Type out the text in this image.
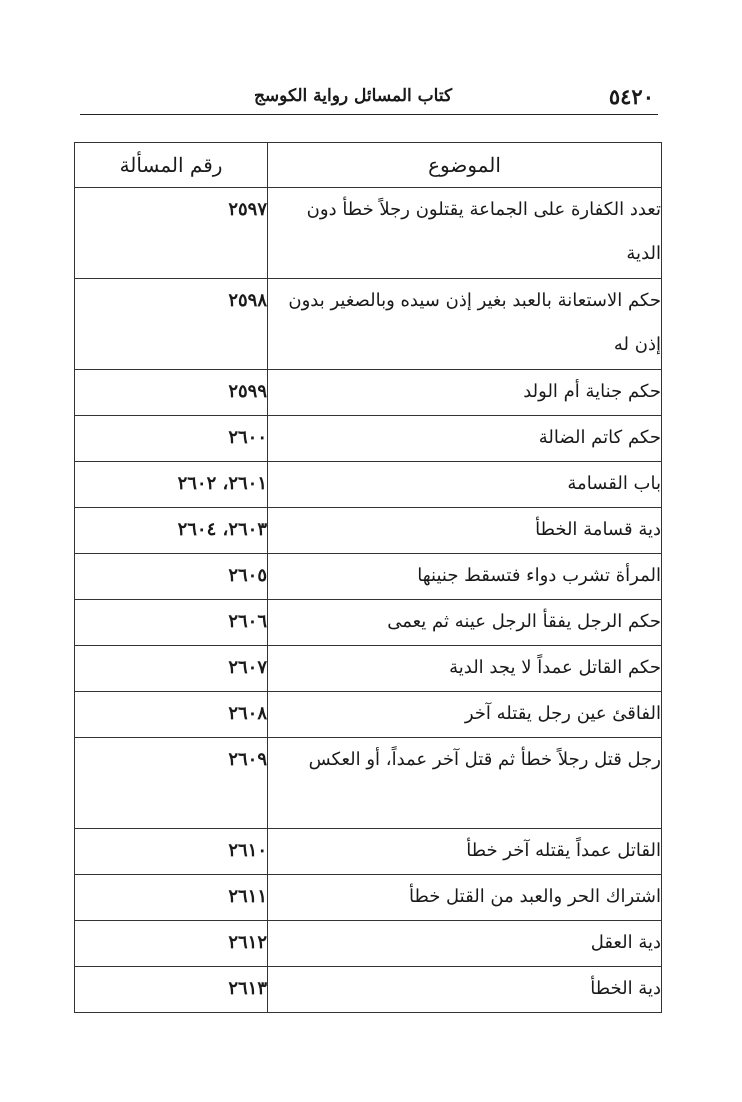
٥٤٢٠
كتاب المسائل رواية الكوسج
الموضوع	رقم المسألة
تعدد الكفارة على الجماعة يقتلون رجلاً خطأ دون الدية	٢٥٩٧
حكم الاستعانة بالعبد بغير إذن سيده وبالصغير بدون إذن له	٢٥٩٨
حكم جناية أم الولد	٢٥٩٩
حكم كاتم الضالة	٢٦٠٠
باب القسامة	٢٦٠١، ٢٦٠٢
دية قسامة الخطأ	٢٦٠٣، ٢٦٠٤
المرأة تشرب دواء فتسقط جنينها	٢٦٠٥
حكم الرجل يفقأ الرجل عينه ثم يعمى	٢٦٠٦
حكم القاتل عمداً لا يجد الدية	٢٦٠٧
الفاقئ عين رجل يقتله آخر	٢٦٠٨
رجل قتل رجلاً خطأ ثم قتل آخر عمداً، أو العكس	٢٦٠٩
القاتل عمداً يقتله آخر خطأ	٢٦١٠
اشتراك الحر والعبد من القتل خطأ	٢٦١١
دية العقل	٢٦١٢
دية الخطأ	٢٦١٣
